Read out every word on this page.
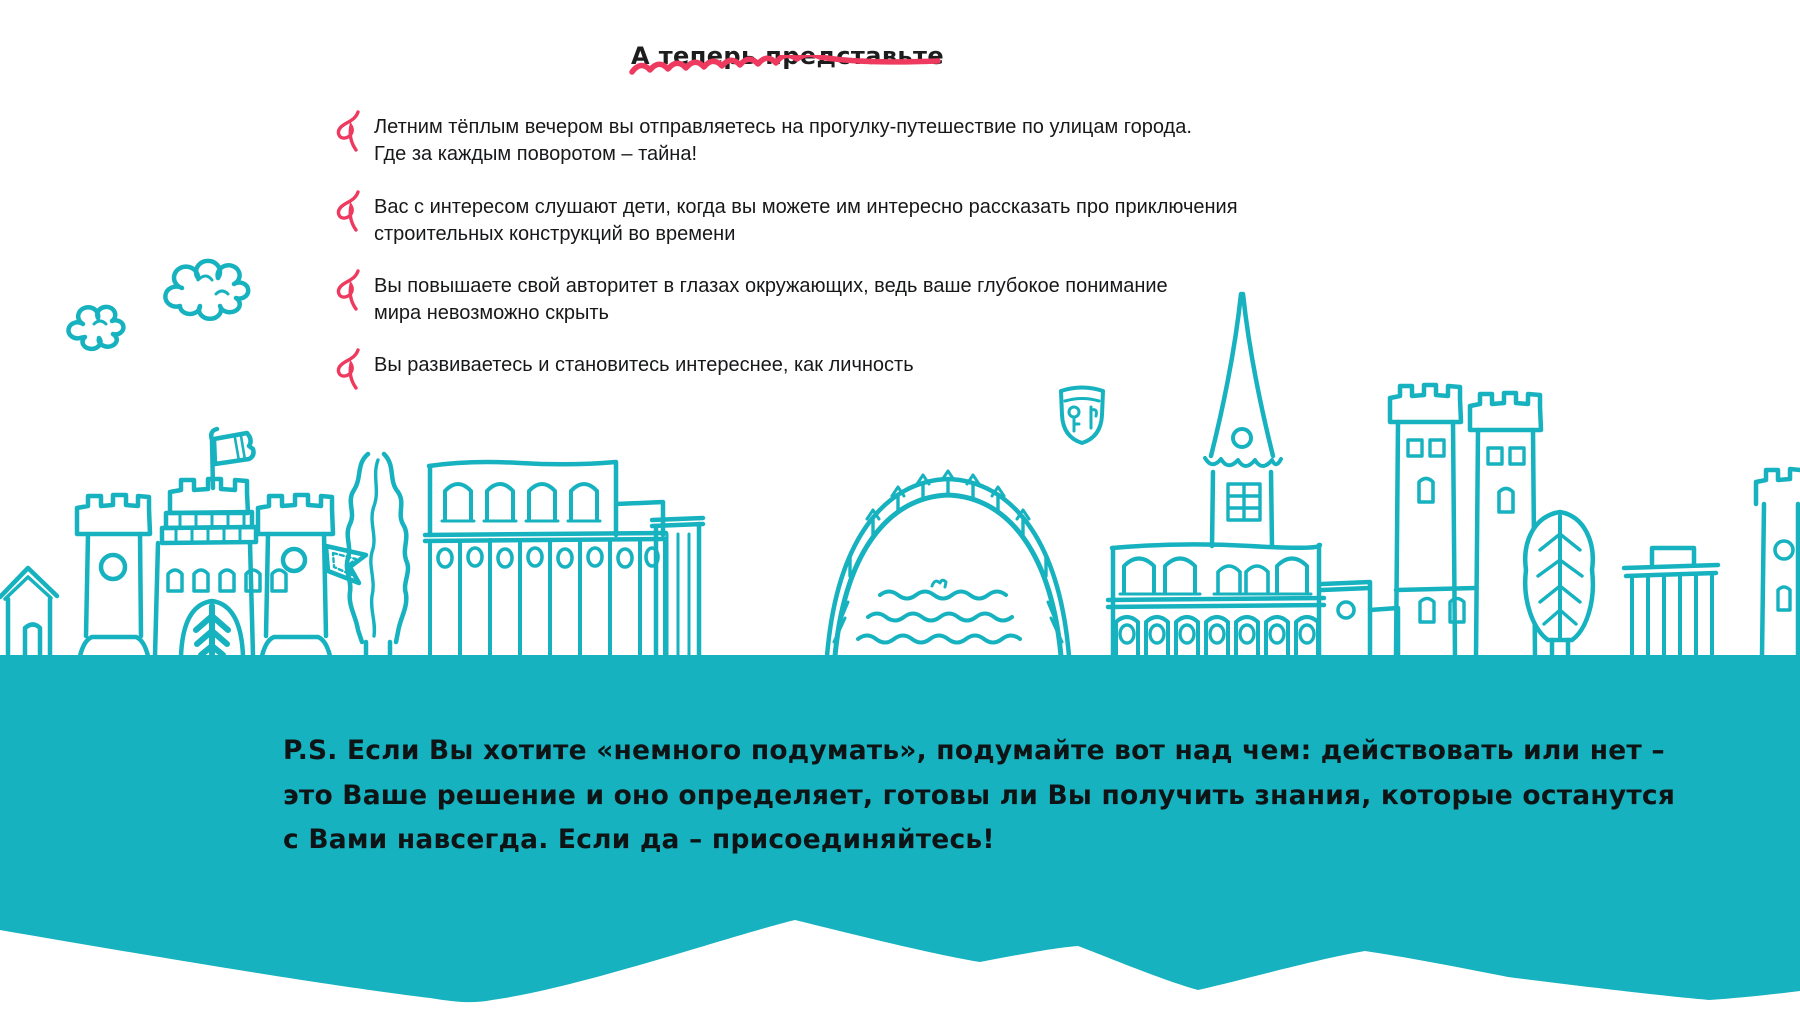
А теперь представьте
Летним тёплым вечером вы отправляетесь на прогулку-путешествие по улицам города.
Где за каждым поворотом – тайна!
Вас с интересом слушают дети, когда вы можете им интересно рассказать про приключения
строительных конструкций во времени
Вы повышаете свой авторитет в глазах окружающих, ведь ваше глубокое понимание
мира невозможно скрыть
Вы развиваетесь и становитесь интереснее, как личность
P.S. Если Вы хотите «немного подумать», подумайте вот над чем: действовать или нет –
это Ваше решение и оно определяет, готовы ли Вы получить знания, которые останутся
с Вами навсегда. Если да – присоединяйтесь!
